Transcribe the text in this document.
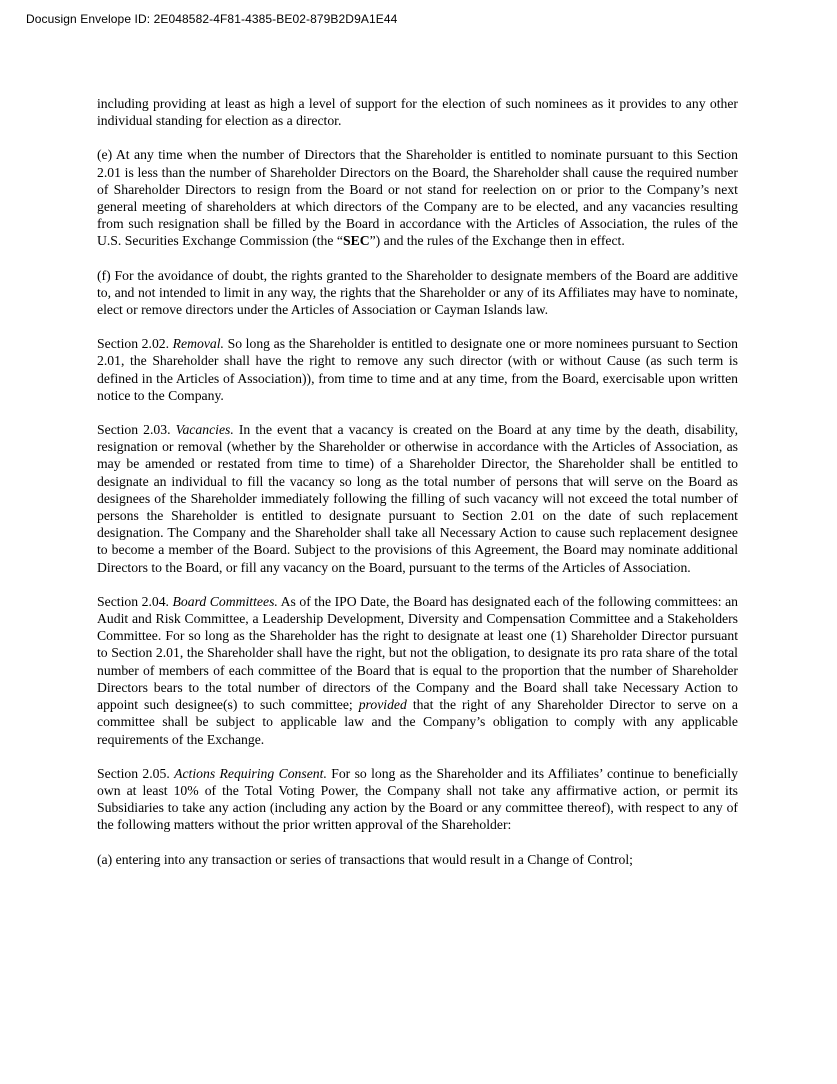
Docusign Envelope ID: 2E048582-4F81-4385-BE02-879B2D9A1E44

including providing at least as high a level of support for the election of such nominees as it provides to any other individual standing for election as a director.

(e) At any time when the number of Directors that the Shareholder is entitled to nominate pursuant to this Section 2.01 is less than the number of Shareholder Directors on the Board, the Shareholder shall cause the required number of Shareholder Directors to resign from the Board or not stand for reelection on or prior to the Company’s next general meeting of shareholders at which directors of the Company are to be elected, and any vacancies resulting from such resignation shall be filled by the Board in accordance with the Articles of Association, the rules of the U.S. Securities Exchange Commission (the “SEC”) and the rules of the Exchange then in effect.

(f) For the avoidance of doubt, the rights granted to the Shareholder to designate members of the Board are additive to, and not intended to limit in any way, the rights that the Shareholder or any of its Affiliates may have to nominate, elect or remove directors under the Articles of Association or Cayman Islands law.

Section 2.02. Removal. So long as the Shareholder is entitled to designate one or more nominees pursuant to Section 2.01, the Shareholder shall have the right to remove any such director (with or without Cause (as such term is defined in the Articles of Association)), from time to time and at any time, from the Board, exercisable upon written notice to the Company.

Section 2.03. Vacancies. In the event that a vacancy is created on the Board at any time by the death, disability, resignation or removal (whether by the Shareholder or otherwise in accordance with the Articles of Association, as may be amended or restated from time to time) of a Shareholder Director, the Shareholder shall be entitled to designate an individual to fill the vacancy so long as the total number of persons that will serve on the Board as designees of the Shareholder immediately following the filling of such vacancy will not exceed the total number of persons the Shareholder is entitled to designate pursuant to Section 2.01 on the date of such replacement designation. The Company and the Shareholder shall take all Necessary Action to cause such replacement designee to become a member of the Board. Subject to the provisions of this Agreement, the Board may nominate additional Directors to the Board, or fill any vacancy on the Board, pursuant to the terms of the Articles of Association.

Section 2.04. Board Committees. As of the IPO Date, the Board has designated each of the following committees: an Audit and Risk Committee, a Leadership Development, Diversity and Compensation Committee and a Stakeholders Committee. For so long as the Shareholder has the right to designate at least one (1) Shareholder Director pursuant to Section 2.01, the Shareholder shall have the right, but not the obligation, to designate its pro rata share of the total number of members of each committee of the Board that is equal to the proportion that the number of Shareholder Directors bears to the total number of directors of the Company and the Board shall take Necessary Action to appoint such designee(s) to such committee; provided that the right of any Shareholder Director to serve on a committee shall be subject to applicable law and the Company’s obligation to comply with any applicable requirements of the Exchange.

Section 2.05. Actions Requiring Consent. For so long as the Shareholder and its Affiliates’ continue to beneficially own at least 10% of the Total Voting Power, the Company shall not take any affirmative action, or permit its Subsidiaries to take any action (including any action by the Board or any committee thereof), with respect to any of the following matters without the prior written approval of the Shareholder:

(a) entering into any transaction or series of transactions that would result in a Change of Control;
